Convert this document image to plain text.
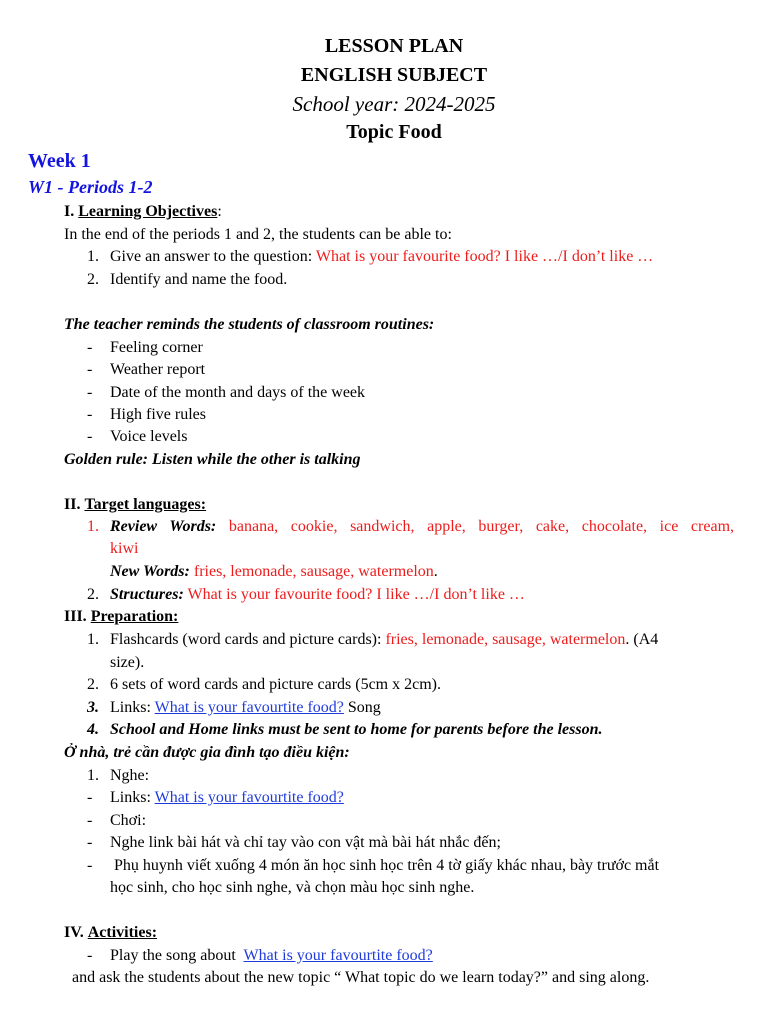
LESSON PLAN
ENGLISH SUBJECT
School year: 2024-2025
Topic Food
Week 1
W1 - Periods 1-2
I. Learning Objectives:
In the end of the periods 1 and 2, the students can be able to:
1. Give an answer to the question: What is your favourite food? I like …/I don’t like …
2. Identify and name the food.
The teacher reminds the students of classroom routines:
- Feeling corner
- Weather report
- Date of the month and days of the week
- High five rules
- Voice levels
Golden rule: Listen while the other is talking
II. Target languages:
1. Review Words: banana, cookie, sandwich, apple, burger, cake, chocolate, ice cream,
kiwi
New Words: fries, lemonade, sausage, watermelon.
2. Structures: What is your favourite food? I like …/I don’t like …
III. Preparation:
1. Flashcards (word cards and picture cards): fries, lemonade, sausage, watermelon. (A4
size).
2. 6 sets of word cards and picture cards (5cm x 2cm).
3. Links: What is your favourtite food? Song
4. School and Home links must be sent to home for parents before the lesson.
Ở nhà, trẻ cần được gia đình tạo điều kiện:
1. Nghe:
- Links: What is your favourtite food?
- Chơi:
- Nghe link bài hát và chỉ tay vào con vật mà bài hát nhắc đến;
- Phụ huynh viết xuống 4 món ăn học sinh học trên 4 tờ giấy khác nhau, bày trước mắt
học sinh, cho học sinh nghe, và chọn màu học sinh nghe.
IV. Activities:
- Play the song about  What is your favourtite food?
and ask the students about the new topic “ What topic do we learn today?” and sing along.
